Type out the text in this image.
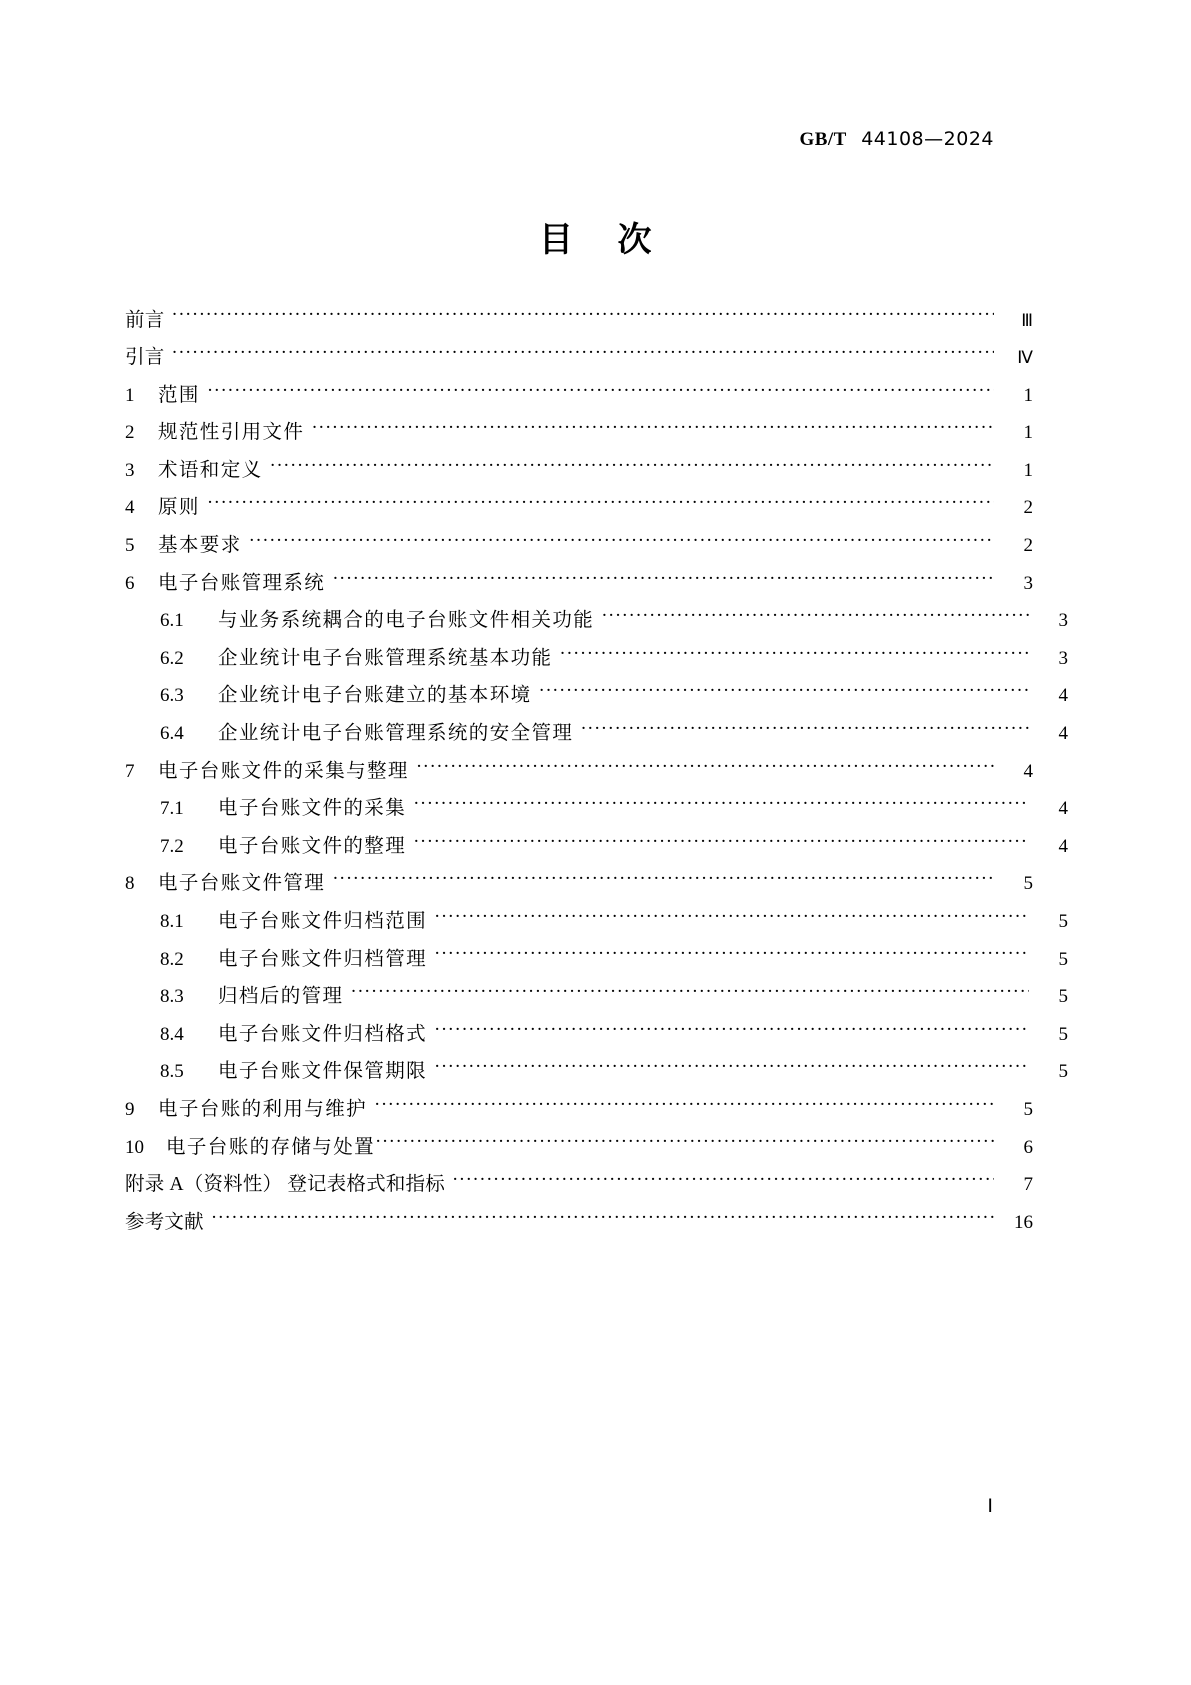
GB/T 44108—2024
目 次
前言 ·····	Ⅲ
引言 ·····	Ⅳ
1	范围 ·····	1
2	规范性引用文件 ·····	1
3	术语和定义 ·····	1
4	原则 ·····	2
5	基本要求 ·····	2
6	电子台账管理系统 ·····	3
6.1	与业务系统耦合的电子台账文件相关功能 ·····	3
6.2	企业统计电子台账管理系统基本功能 ·····	3
6.3	企业统计电子台账建立的基本环境 ·····	4
6.4	企业统计电子台账管理系统的安全管理 ·····	4
7	电子台账文件的采集与整理 ·····	4
7.1	电子台账文件的采集 ·····	4
7.2	电子台账文件的整理 ·····	4
8	电子台账文件管理 ·····	5
8.1	电子台账文件归档范围 ·····	5
8.2	电子台账文件归档管理 ·····	5
8.3	归档后的管理 ·····	5
8.4	电子台账文件归档格式 ·····	5
8.5	电子台账文件保管期限 ·····	5
9	电子台账的利用与维护 ·····	5
10	电子台账的存储与处置 ·····	6
附录 A（资料性） 登记表格式和指标 ·····	7
参考文献 ·····	16
Ⅰ
